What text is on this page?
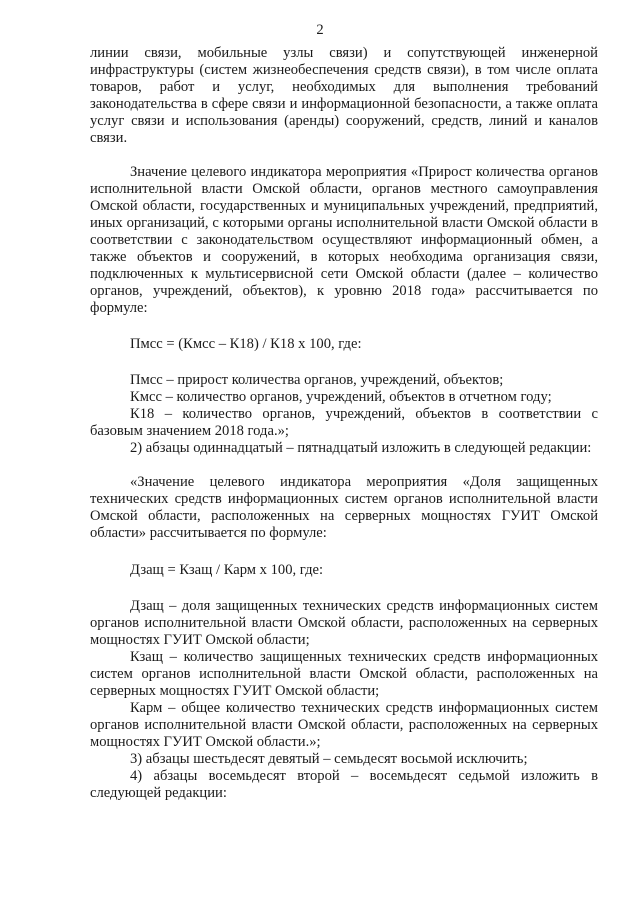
2

линии связи, мобильные узлы связи) и сопутствующей инженерной инфраструктуры (систем жизнеобеспечения средств связи), в том числе оплата товаров, работ и услуг, необходимых для выполнения требований законодательства в сфере связи и информационной безопасности, а также оплата услуг связи и использования (аренды) сооружений, средств, линий и каналов связи.

Значение целевого индикатора мероприятия «Прирост количества органов исполнительной власти Омской области, органов местного самоуправления Омской области, государственных и муниципальных учреждений, предприятий, иных организаций, с которыми органы исполнительной власти Омской области в соответствии с законодательством осуществляют информационный обмен, а также объектов и сооружений, в которых необходима организация связи, подключенных к мультисервисной сети Омской области (далее – количество органов, учреждений, объектов), к уровню 2018 года» рассчитывается по формуле:

Пмсс = (Кмсс – К18) / К18 х 100, где:

Пмсс – прирост количества органов, учреждений, объектов;

Кмсс – количество органов, учреждений, объектов в отчетном году;

К18 – количество органов, учреждений, объектов в соответствии с базовым значением 2018 года.»;

2) абзацы одиннадцатый – пятнадцатый изложить в следующей редакции:

«Значение целевого индикатора мероприятия «Доля защищенных технических средств информационных систем органов исполнительной власти Омской области, расположенных на серверных мощностях ГУИТ Омской области» рассчитывается по формуле:

Дзащ = Кзащ / Карм х 100, где:

Дзащ – доля защищенных технических средств информационных систем органов исполнительной власти Омской области, расположенных на серверных мощностях ГУИТ Омской области;

Кзащ – количество защищенных технических средств информационных систем органов исполнительной власти Омской области, расположенных на серверных мощностях ГУИТ Омской области;

Карм – общее количество технических средств информационных систем органов исполнительной власти Омской области, расположенных на серверных мощностях ГУИТ Омской области.»;

3) абзацы шестьдесят девятый – семьдесят восьмой исключить;

4) абзацы восемьдесят второй – восемьдесят седьмой изложить в следующей редакции:
